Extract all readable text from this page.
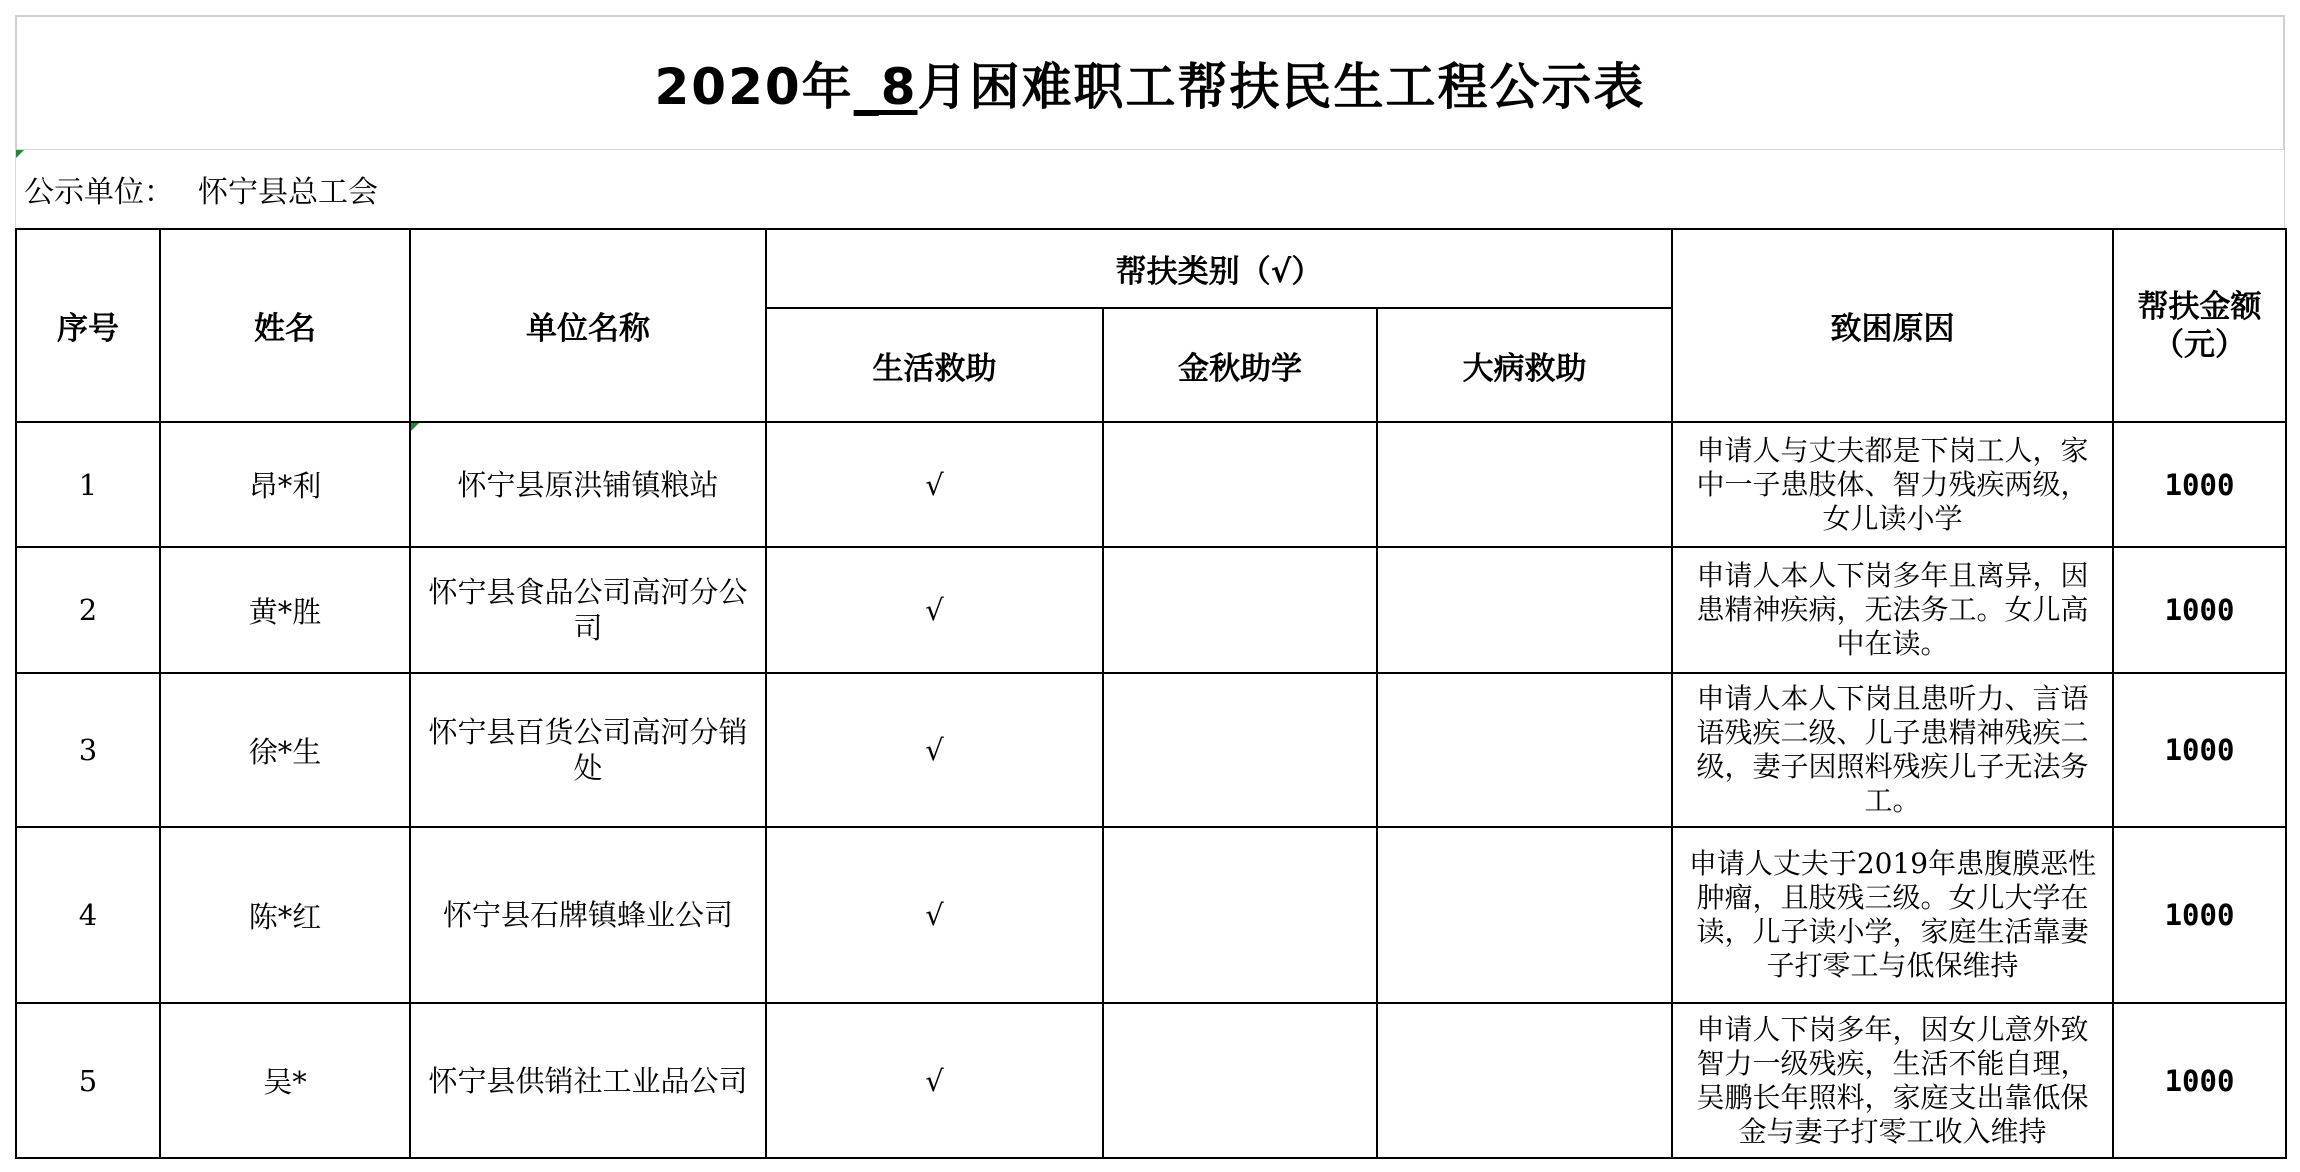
2020年_8月困难职工帮扶民生工程公示表
公示单位： 怀宁县总工会
序号	姓名	单位名称	帮扶类别（√）			致困原因	帮扶金额（元）
			生活救助	金秋助学	大病救助		
1	昂*利	怀宁县原洪铺镇粮站	√			申请人与丈夫都是下岗工人，家中一子患肢体、智力残疾两级，女儿读小学	1000
2	黄*胜	怀宁县食品公司高河分公司	√			申请人本人下岗多年且离异，因患精神疾病，无法务工。女儿高中在读。	1000
3	徐*生	怀宁县百货公司高河分销处	√			申请人本人下岗且患听力、言语语残疾二级、儿子患精神残疾二级，妻子因照料残疾儿子无法务工。	1000
4	陈*红	怀宁县石牌镇蜂业公司	√			申请人丈夫于2019年患腹膜恶性肿瘤，且肢残三级。女儿大学在读，儿子读小学，家庭生活靠妻子打零工与低保维持	1000
5	吴*	怀宁县供销社工业品公司	√			申请人下岗多年，因女儿意外致智力一级残疾，生活不能自理，吴鹏长年照料，家庭支出靠低保金与妻子打零工收入维持	1000
